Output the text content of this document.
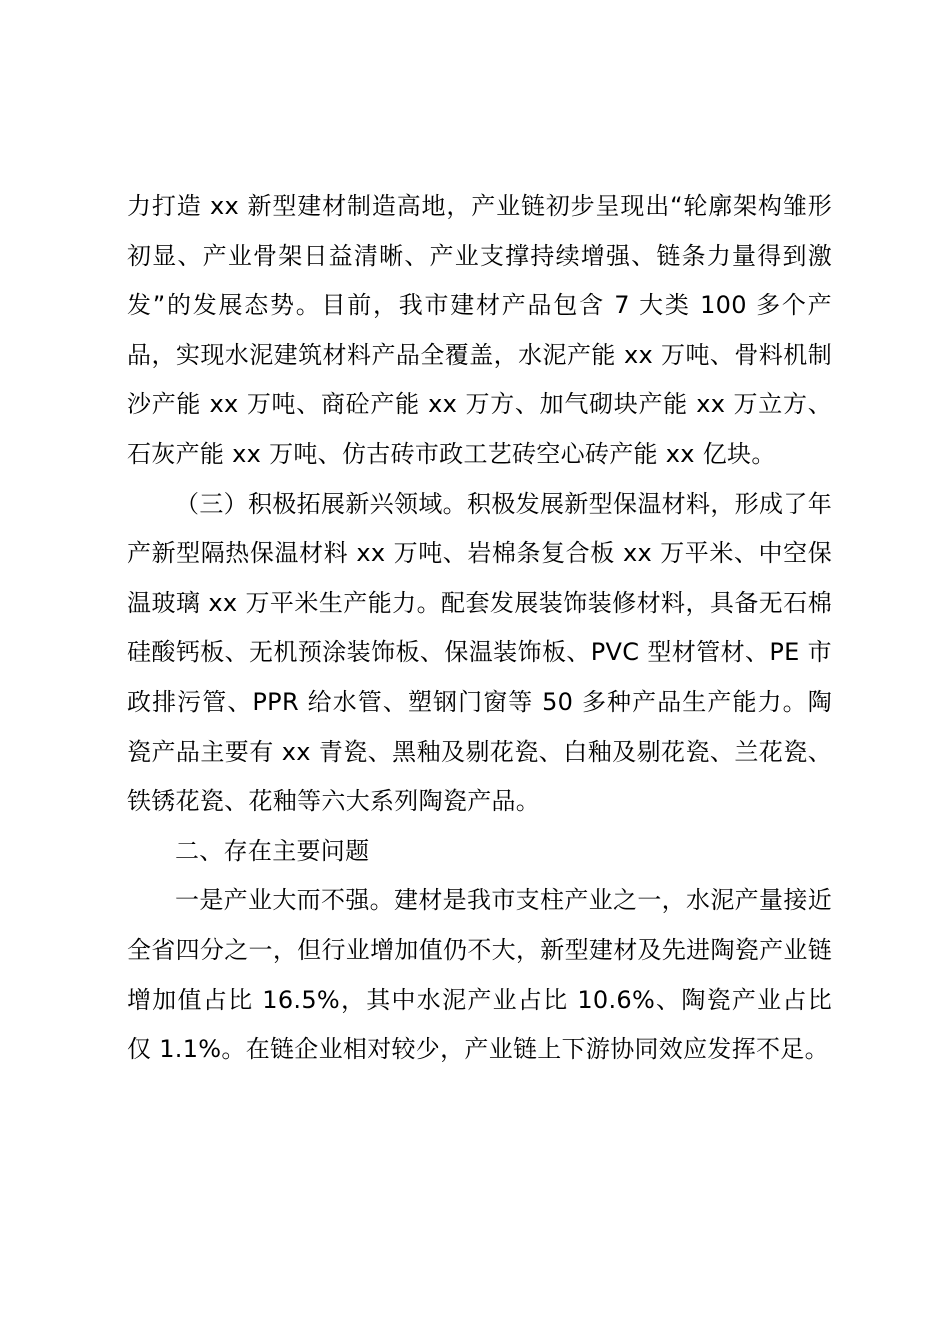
力打造 xx 新型建材制造高地，产业链初步呈现出“轮廓架构雏形初显、产业骨架日益清晰、产业支撑持续增强、链条力量得到激发”的发展态势。目前，我市建材产品包含 7 大类 100 多个产品，实现水泥建筑材料产品全覆盖，水泥产能 xx 万吨、骨料机制沙产能 xx 万吨、商砼产能 xx 万方、加气砌块产能 xx 万立方、石灰产能 xx 万吨、仿古砖市政工艺砖空心砖产能 xx 亿块。

（三）积极拓展新兴领域。积极发展新型保温材料，形成了年产新型隔热保温材料 xx 万吨、岩棉条复合板 xx 万平米、中空保温玻璃 xx 万平米生产能力。配套发展装饰装修材料，具备无石棉硅酸钙板、无机预涂装饰板、保温装饰板、PVC 型材管材、PE 市政排污管、PPR 给水管、塑钢门窗等 50 多种产品生产能力。陶瓷产品主要有 xx 青瓷、黑釉及剔花瓷、白釉及剔花瓷、兰花瓷、铁锈花瓷、花釉等六大系列陶瓷产品。

二、存在主要问题

一是产业大而不强。建材是我市支柱产业之一，水泥产量接近全省四分之一，但行业增加值仍不大，新型建材及先进陶瓷产业链增加值占比 16.5%，其中水泥产业占比 10.6%、陶瓷产业占比仅 1.1%。在链企业相对较少，产业链上下游协同效应发挥不足。
